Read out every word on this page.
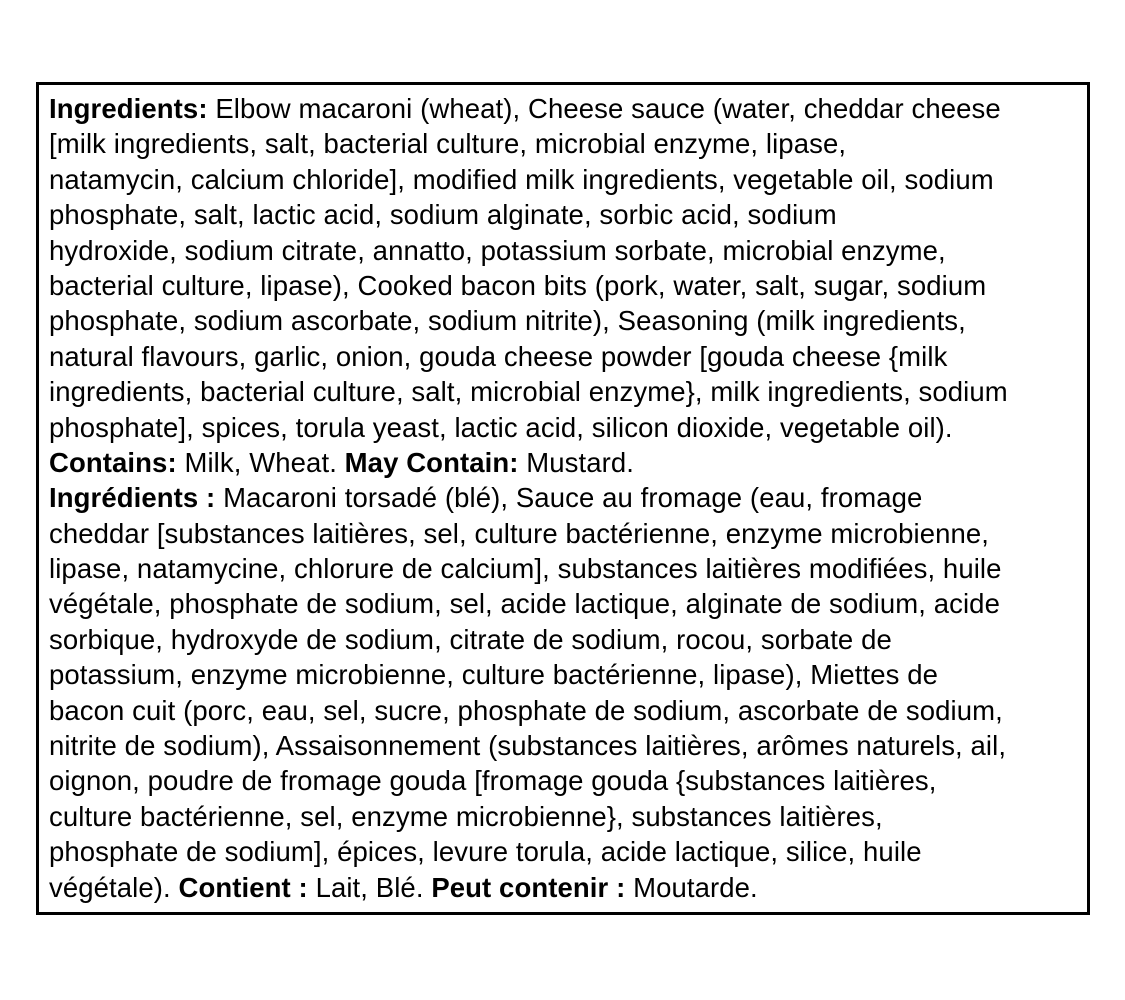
Ingredients: Elbow macaroni (wheat), Cheese sauce (water, cheddar cheese
[milk ingredients, salt, bacterial culture, microbial enzyme, lipase,
natamycin, calcium chloride], modified milk ingredients, vegetable oil, sodium
phosphate, salt, lactic acid, sodium alginate, sorbic acid, sodium
hydroxide, sodium citrate, annatto, potassium sorbate, microbial enzyme,
bacterial culture, lipase), Cooked bacon bits (pork, water, salt, sugar, sodium
phosphate, sodium ascorbate, sodium nitrite), Seasoning (milk ingredients,
natural flavours, garlic, onion, gouda cheese powder [gouda cheese {milk
ingredients, bacterial culture, salt, microbial enzyme}, milk ingredients, sodium
phosphate], spices, torula yeast, lactic acid, silicon dioxide, vegetable oil).
Contains: Milk, Wheat. May Contain: Mustard.
Ingrédients : Macaroni torsadé (blé), Sauce au fromage (eau, fromage
cheddar [substances laitières, sel, culture bactérienne, enzyme microbienne,
lipase, natamycine, chlorure de calcium], substances laitières modifiées, huile
végétale, phosphate de sodium, sel, acide lactique, alginate de sodium, acide
sorbique, hydroxyde de sodium, citrate de sodium, rocou, sorbate de
potassium, enzyme microbienne, culture bactérienne, lipase), Miettes de
bacon cuit (porc, eau, sel, sucre, phosphate de sodium, ascorbate de sodium,
nitrite de sodium), Assaisonnement (substances laitières, arômes naturels, ail,
oignon, poudre de fromage gouda [fromage gouda {substances laitières,
culture bactérienne, sel, enzyme microbienne}, substances laitières,
phosphate de sodium], épices, levure torula, acide lactique, silice, huile
végétale). Contient : Lait, Blé. Peut contenir : Moutarde.
